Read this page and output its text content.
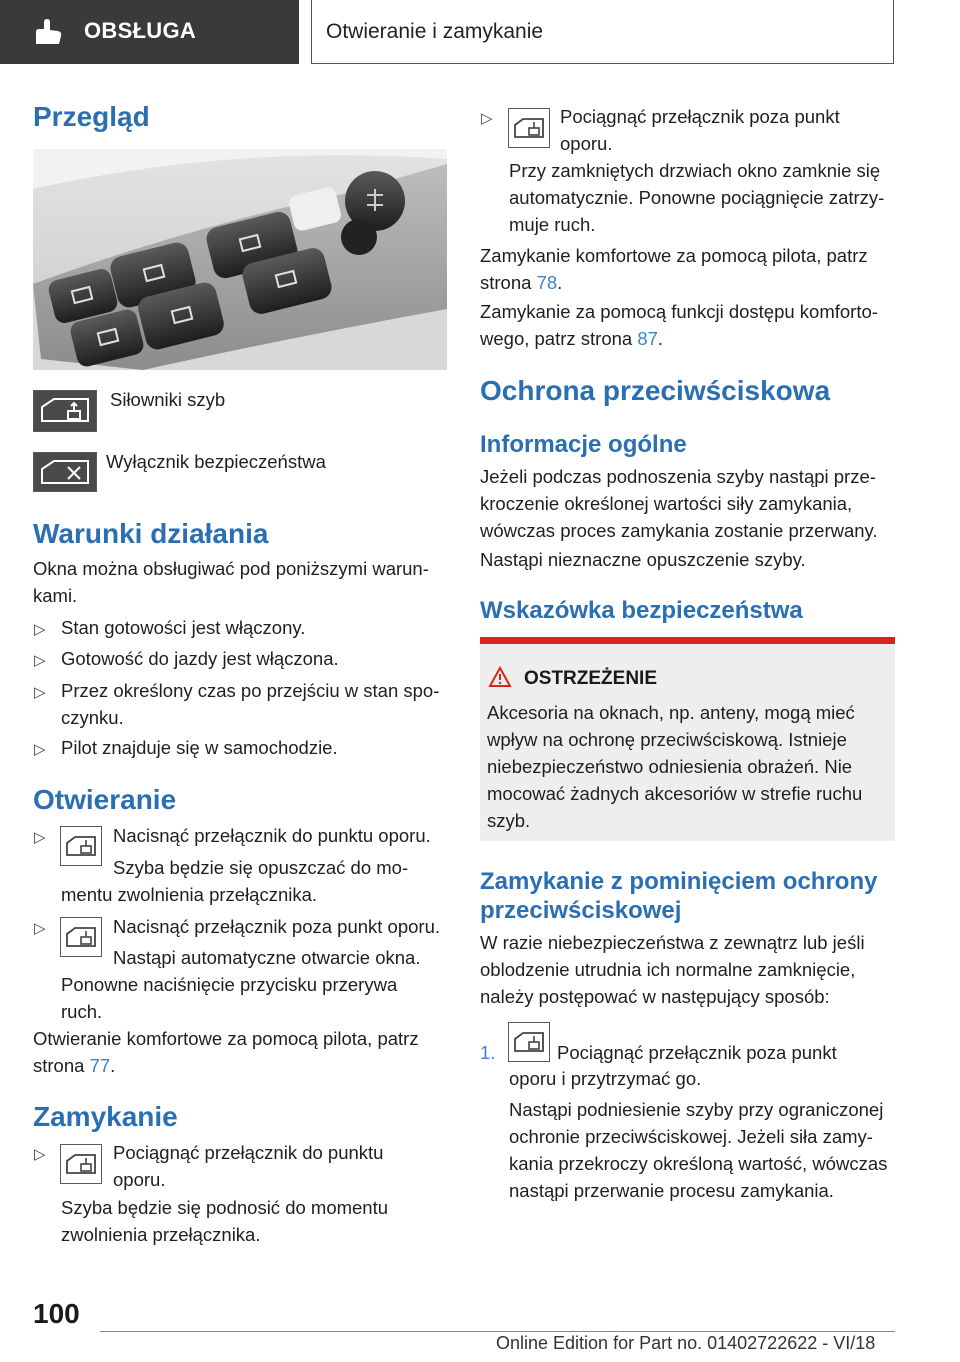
OBSŁUGA	Otwieranie i zamykanie
Przegląd
Siłowniki szyb
Wyłącznik bezpieczeństwa
Warunki działania
Okna można obsługiwać pod poniższymi warun-
kami.
▷ Stan gotowości jest włączony.
▷ Gotowość do jazdy jest włączona.
▷ Przez określony czas po przejściu w stan spo-
czynku.
▷ Pilot znajduje się w samochodzie.
Otwieranie
▷	Nacisnąć przełącznik do punktu oporu.
Szyba będzie się opuszczać do mo-
mentu zwolnienia przełącznika.
▷	Nacisnąć przełącznik poza punkt oporu.
Nastąpi automatyczne otwarcie okna.
Ponowne naciśnięcie przycisku przerywa
ruch.
Otwieranie komfortowe za pomocą pilota, patrz
strona 77.
Zamykanie
▷	Pociągnąć przełącznik do punktu
oporu.
Szyba będzie się podnosić do momentu
zwolnienia przełącznika.
▷	Pociągnąć przełącznik poza punkt
oporu.
Przy zamkniętych drzwiach okno zamknie się
automatycznie. Ponowne pociągnięcie zatrzy-
muje ruch.
Zamykanie komfortowe za pomocą pilota, patrz
strona 78.
Zamykanie za pomocą funkcji dostępu komforto-
wego, patrz strona 87.
Ochrona przeciwściskowa
Informacje ogólne
Jeżeli podczas podnoszenia szyby nastąpi prze-
kroczenie określonej wartości siły zamykania,
wówczas proces zamykania zostanie przerwany.
Nastąpi nieznaczne opuszczenie szyby.
Wskazówka bezpieczeństwa
OSTRZEŻENIE
Akcesoria na oknach, np. anteny, mogą mieć
wpływ na ochronę przeciwściskową. Istnieje
niebezpieczeństwo odniesienia obrażeń. Nie
mocować żadnych akcesoriów w strefie ruchu
szyb.
Zamykanie z pominięciem ochrony
przeciwściskowej
W razie niebezpieczeństwa z zewnątrz lub jeśli
oblodzenie utrudnia ich normalne zamknięcie,
należy postępować w następujący sposób:
1.	Pociągnąć przełącznik poza punkt
oporu i przytrzymać go.
Nastąpi podniesienie szyby przy ograniczonej
ochronie przeciwściskowej. Jeżeli siła zamy-
kania przekroczy określoną wartość, wówczas
nastąpi przerwanie procesu zamykania.
100
Online Edition for Part no. 01402722622 - VI/18
